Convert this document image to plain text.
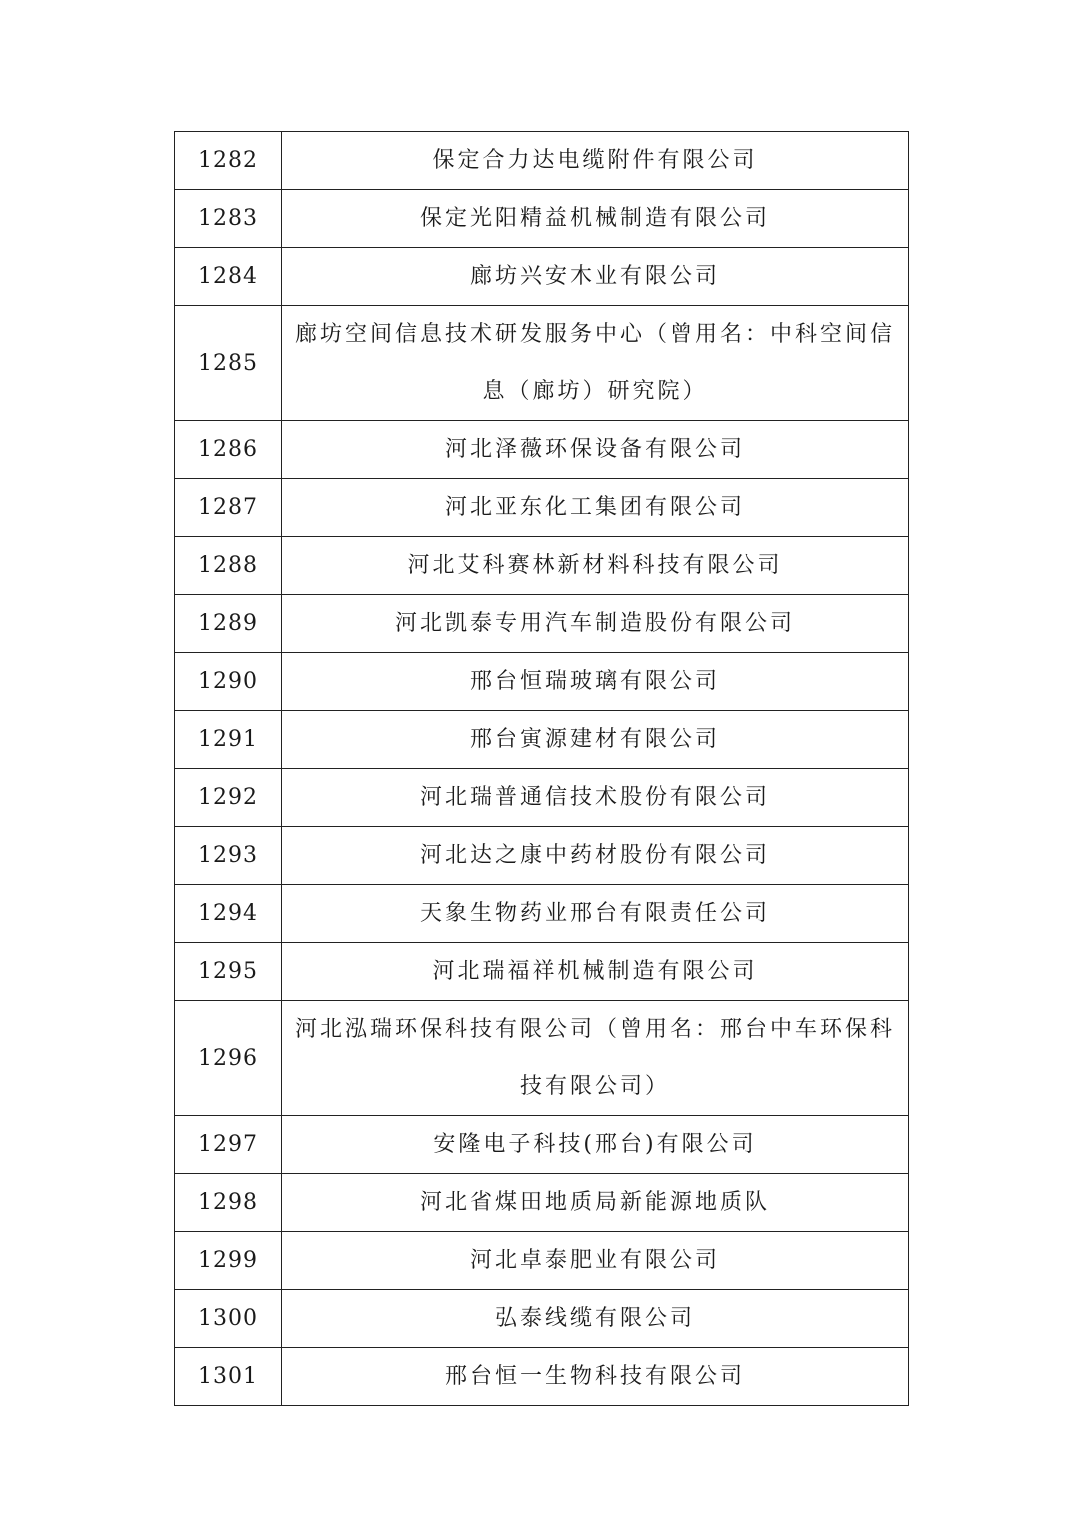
1282	保定合力达电缆附件有限公司
1283	保定光阳精益机械制造有限公司
1284	廊坊兴安木业有限公司
1285	廊坊空间信息技术研发服务中心（曾用名：中科空间信息（廊坊）研究院）
1286	河北泽薇环保设备有限公司
1287	河北亚东化工集团有限公司
1288	河北艾科赛林新材料科技有限公司
1289	河北凯泰专用汽车制造股份有限公司
1290	邢台恒瑞玻璃有限公司
1291	邢台寅源建材有限公司
1292	河北瑞普通信技术股份有限公司
1293	河北达之康中药材股份有限公司
1294	天象生物药业邢台有限责任公司
1295	河北瑞福祥机械制造有限公司
1296	河北泓瑞环保科技有限公司（曾用名：邢台中车环保科技有限公司）
1297	安隆电子科技(邢台)有限公司
1298	河北省煤田地质局新能源地质队
1299	河北卓泰肥业有限公司
1300	弘泰线缆有限公司
1301	邢台恒一生物科技有限公司
